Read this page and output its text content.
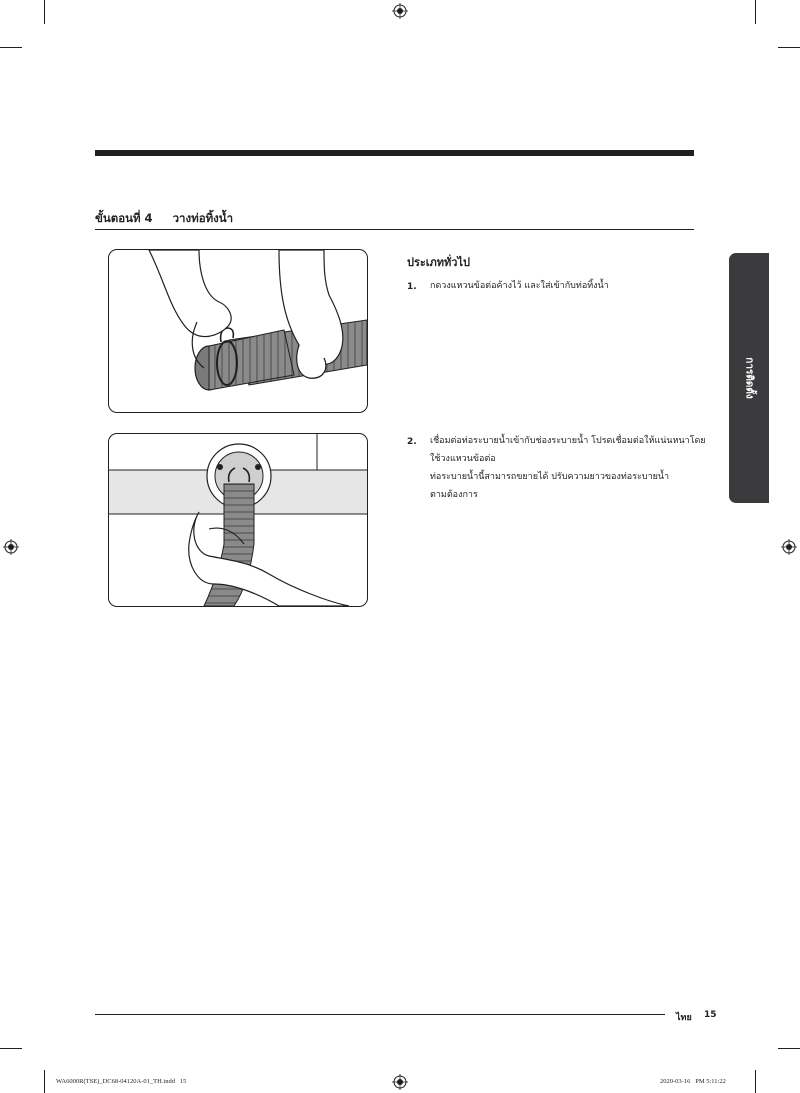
ขั้นตอนที่ 4 วางท่อทิ้งน้ำ
ประเภททั่วไป
1. กดวงแหวนข้อต่อค้างไว้ และใส่เข้ากับท่อทิ้งน้ำ
2. เชื่อมต่อท่อระบายน้ำเข้ากับช่องระบายน้ำ โปรดเชื่อมต่อให้แน่นหนาโดย
ใช้วงแหวนข้อต่อ
ท่อระบายน้ำนี้สามารถขยายได้ ปรับความยาวของท่อระบายน้ำ
ตามต้องการ
การติดตั้ง
ไทย 15
WA6000R(TSE)_DC68-04120A-01_TH.indd   15	2020-03-16   PM 5:11:22
